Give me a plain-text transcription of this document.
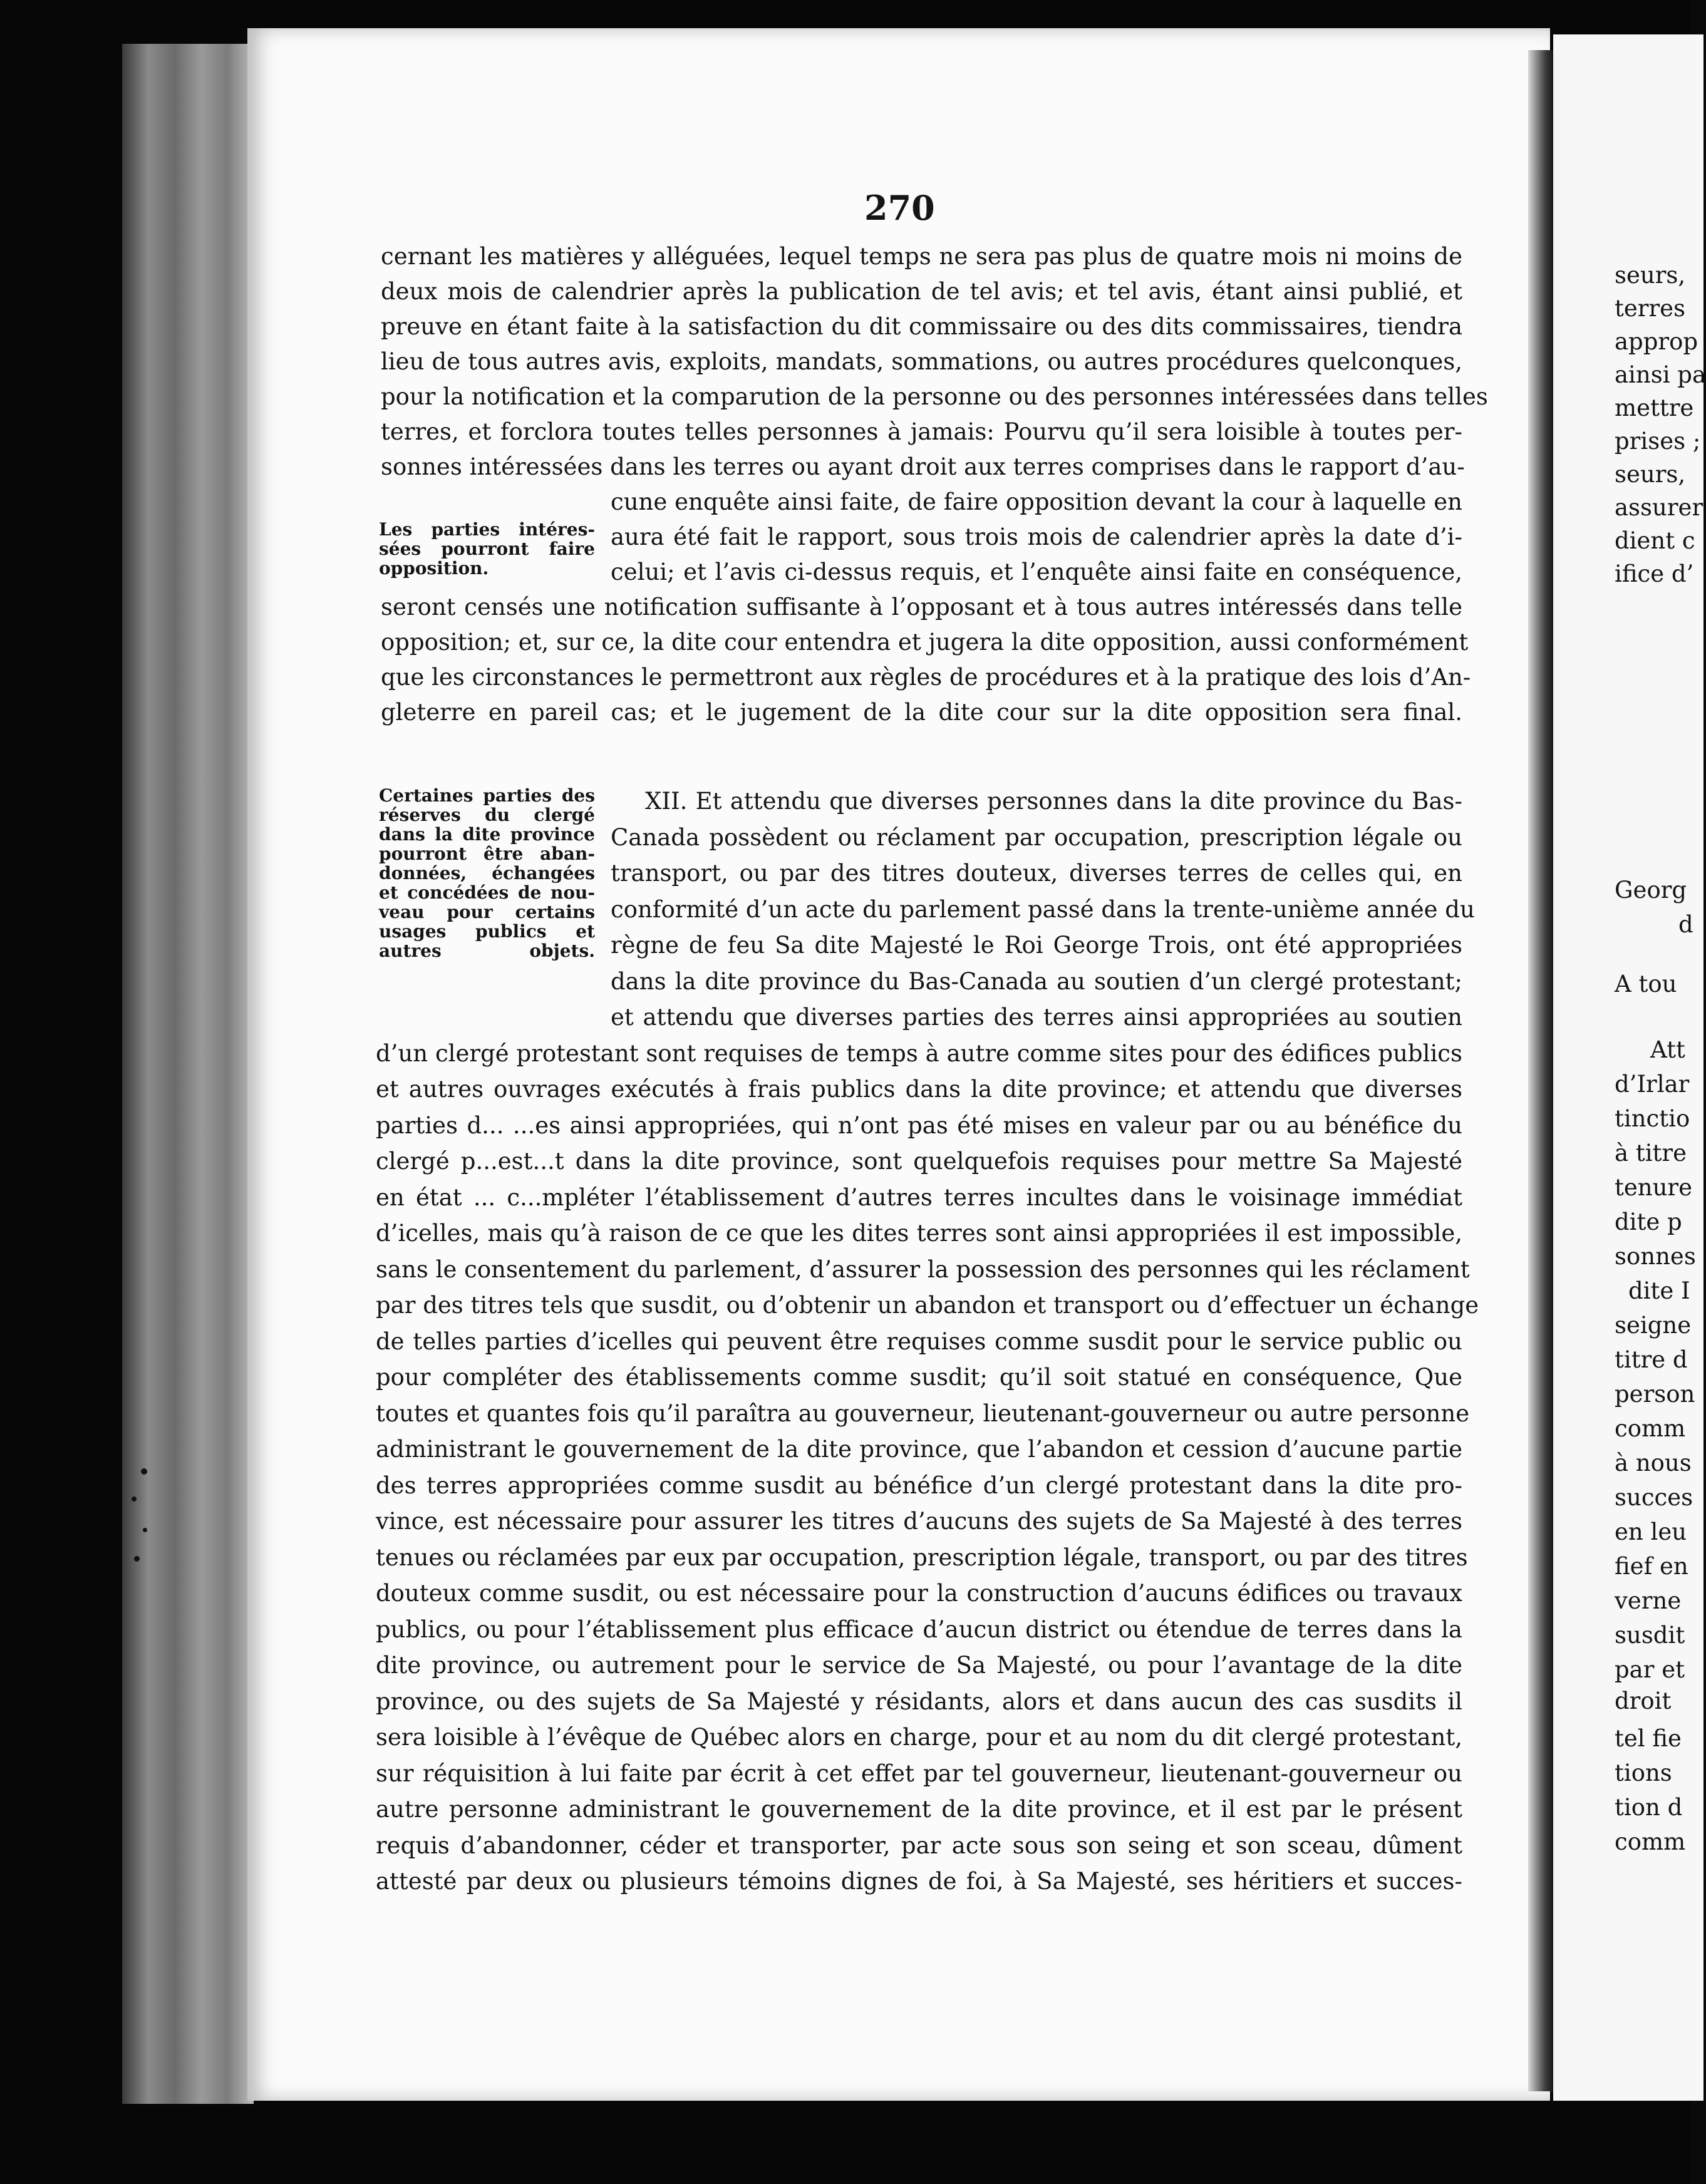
270
cernant les matières y alléguées, lequel temps ne sera pas plus de quatre mois ni moins de
deux mois de calendrier après la publication de tel avis; et tel avis, étant ainsi publié, et
preuve en étant faite à la satisfaction du dit commissaire ou des dits commissaires, tiendra
lieu de tous autres avis, exploits, mandats, sommations, ou autres procédures quelconques,
pour la notification et la comparution de la personne ou des personnes intéressées dans telles
terres, et forclora toutes telles personnes à jamais: Pourvu qu’il sera loisible à toutes per-
sonnes intéressées dans les terres ou ayant droit aux terres comprises dans le rapport d’au-
cune enquête ainsi faite, de faire opposition devant la cour à laquelle en
aura été fait le rapport, sous trois mois de calendrier après la date d’i-
celui; et l’avis ci-dessus requis, et l’enquête ainsi faite en conséquence,
seront censés une notification suffisante à l’opposant et à tous autres intéressés dans telle
opposition; et, sur ce, la dite cour entendra et jugera la dite opposition, aussi conformément
que les circonstances le permettront aux règles de procédures et à la pratique des lois d’An-
gleterre en pareil cas; et le jugement de la dite cour sur la dite opposition sera final.
Les parties intéres-
sées pourront faire
opposition.
XII. Et attendu que diverses personnes dans la dite province du Bas-
Canada possèdent ou réclament par occupation, prescription légale ou
transport, ou par des titres douteux, diverses terres de celles qui, en
conformité d’un acte du parlement passé dans la trente-unième année du
règne de feu Sa dite Majesté le Roi George Trois, ont été appropriées
dans la dite province du Bas-Canada au soutien d’un clergé protestant;
et attendu que diverses parties des terres ainsi appropriées au soutien
d’un clergé protestant sont requises de temps à autre comme sites pour des édifices publics
et autres ouvrages exécutés à frais publics dans la dite province; et attendu que diverses
parties d... ...es ainsi appropriées, qui n’ont pas été mises en valeur par ou au bénéfice du
clergé p...est...t dans la dite province, sont quelquefois requises pour mettre Sa Majesté
en état ... c...mpléter l’établissement d’autres terres incultes dans le voisinage immédiat
d’icelles, mais qu’à raison de ce que les dites terres sont ainsi appropriées il est impossible,
sans le consentement du parlement, d’assurer la possession des personnes qui les réclament
par des titres tels que susdit, ou d’obtenir un abandon et transport ou d’effectuer un échange
de telles parties d’icelles qui peuvent être requises comme susdit pour le service public ou
pour compléter des établissements comme susdit; qu’il soit statué en conséquence, Que
toutes et quantes fois qu’il paraîtra au gouverneur, lieutenant-gouverneur ou autre personne
administrant le gouvernement de la dite province, que l’abandon et cession d’aucune partie
des terres appropriées comme susdit au bénéfice d’un clergé protestant dans la dite pro-
vince, est nécessaire pour assurer les titres d’aucuns des sujets de Sa Majesté à des terres
tenues ou réclamées par eux par occupation, prescription légale, transport, ou par des titres
douteux comme susdit, ou est nécessaire pour la construction d’aucuns édifices ou travaux
publics, ou pour l’établissement plus efficace d’aucun district ou étendue de terres dans la
dite province, ou autrement pour le service de Sa Majesté, ou pour l’avantage de la dite
province, ou des sujets de Sa Majesté y résidants, alors et dans aucun des cas susdits il
sera loisible à l’évêque de Québec alors en charge, pour et au nom du dit clergé protestant,
sur réquisition à lui faite par écrit à cet effet par tel gouverneur, lieutenant-gouverneur ou
autre personne administrant le gouvernement de la dite province, et il est par le présent
requis d’abandonner, céder et transporter, par acte sous son seing et son sceau, dûment
attesté par deux ou plusieurs témoins dignes de foi, à Sa Majesté, ses héritiers et succes-
Certaines parties des
réserves du clergé
dans la dite province
pourront être aban-
données, échangées
et concédées de nou-
veau pour certains
usages publics et
autres objets.
seurs,
terres
approp
ainsi pa
mettre
prises ;
seurs,
assurer
dient c
ifice d’
Georg
d
A tou
Att
d’Irlar
tinctio
à titre
tenure
dite p
sonnes
dite I
seigne
titre d
person
comm
à nous
succes
en leu
fief en
verne
susdit
par et
droit
tel fie
tions
tion d
comm
